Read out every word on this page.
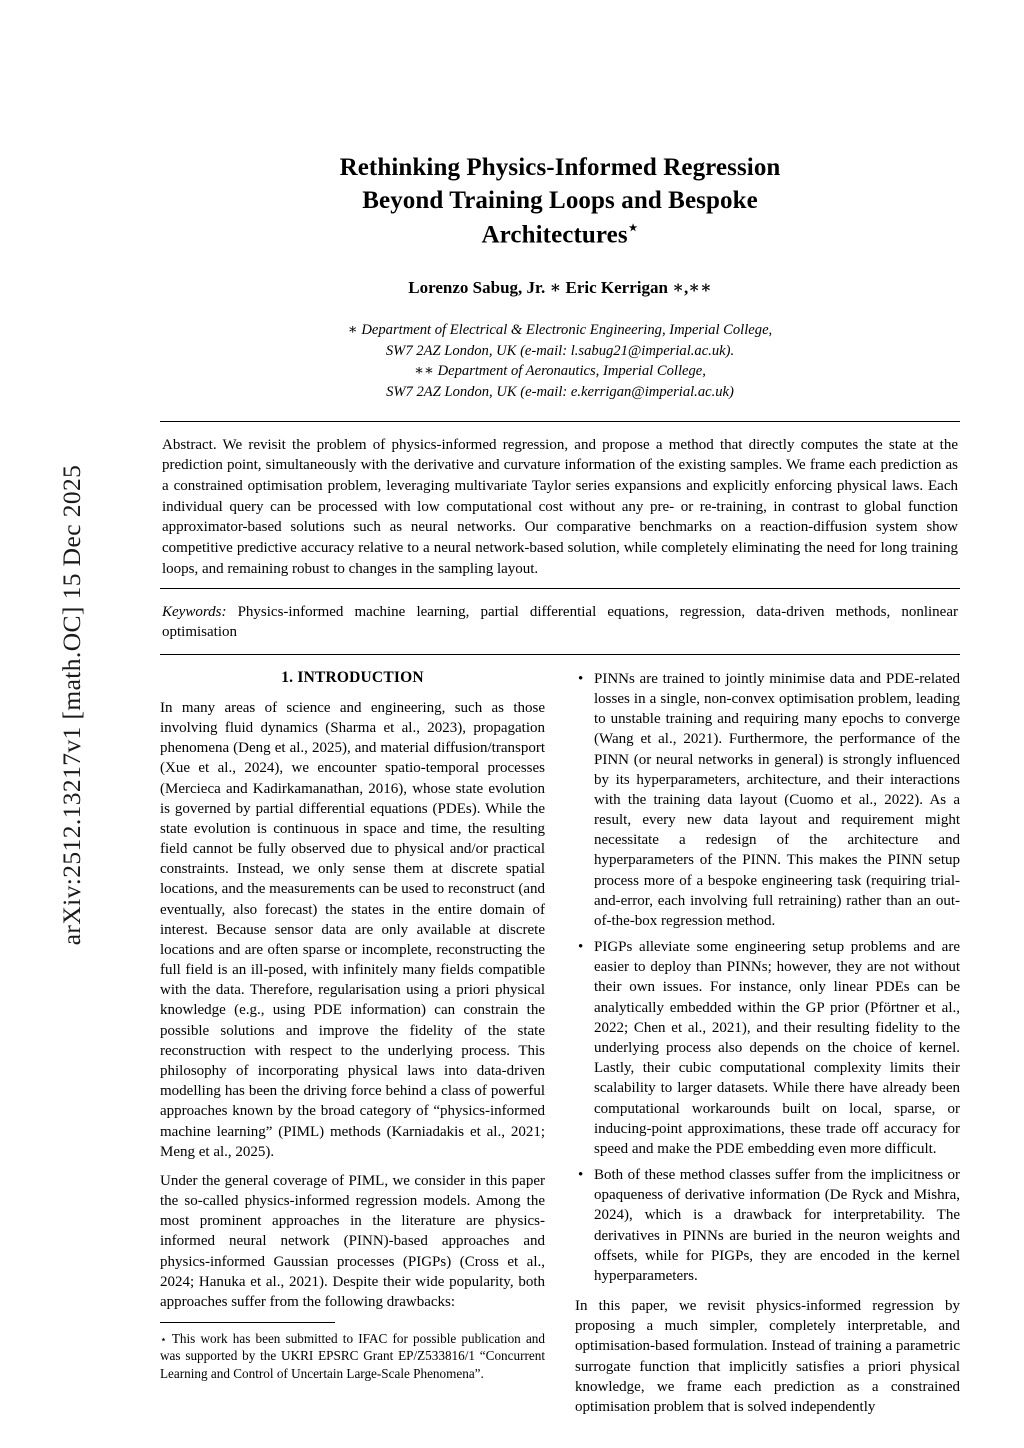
arXiv:2512.13217v1 [math.OC] 15 Dec 2025
Rethinking Physics-Informed Regression
Beyond Training Loops and Bespoke
Architectures⋆
Lorenzo Sabug, Jr. ∗ Eric Kerrigan ∗,∗∗
∗ Department of Electrical & Electronic Engineering, Imperial College,
SW7 2AZ London, UK (e-mail: l.sabug21@imperial.ac.uk).
∗∗ Department of Aeronautics, Imperial College,
SW7 2AZ London, UK (e-mail: e.kerrigan@imperial.ac.uk)
Abstract. We revisit the problem of physics-informed regression, and propose a method that directly computes the state at the prediction point, simultaneously with the derivative and curvature information of the existing samples. We frame each prediction as a constrained optimisation problem, leveraging multivariate Taylor series expansions and explicitly enforcing physical laws. Each individual query can be processed with low computational cost without any pre- or re-training, in contrast to global function approximator-based solutions such as neural networks. Our comparative benchmarks on a reaction-diffusion system show competitive predictive accuracy relative to a neural network-based solution, while completely eliminating the need for long training loops, and remaining robust to changes in the sampling layout.
Keywords: Physics-informed machine learning, partial differential equations, regression, data-driven methods, nonlinear optimisation
1. INTRODUCTION

In many areas of science and engineering, such as those involving fluid dynamics (Sharma et al., 2023), propagation phenomena (Deng et al., 2025), and material diffusion/transport (Xue et al., 2024), we encounter spatio-temporal processes (Mercieca and Kadirkamanathan, 2016), whose state evolution is governed by partial differential equations (PDEs). While the state evolution is continuous in space and time, the resulting field cannot be fully observed due to physical and/or practical constraints. Instead, we only sense them at discrete spatial locations, and the measurements can be used to reconstruct (and eventually, also forecast) the states in the entire domain of interest. Because sensor data are only available at discrete locations and are often sparse or incomplete, reconstructing the full field is an ill-posed, with infinitely many fields compatible with the data. Therefore, regularisation using a priori physical knowledge (e.g., using PDE information) can constrain the possible solutions and improve the fidelity of the state reconstruction with respect to the underlying process. This philosophy of incorporating physical laws into data-driven modelling has been the driving force behind a class of powerful approaches known by the broad category of “physics-informed machine learning” (PIML) methods (Karniadakis et al., 2021; Meng et al., 2025).

Under the general coverage of PIML, we consider in this paper the so-called physics-informed regression models. Among the most prominent approaches in the literature are physics-informed neural network (PINN)-based approaches and physics-informed Gaussian processes (PIGPs) (Cross et al., 2024; Hanuka et al., 2021). Despite their wide popularity, both approaches suffer from the following drawbacks:

⋆ This work has been submitted to IFAC for possible publication and was supported by the UKRI EPSRC Grant EP/Z533816/1 “Concurrent Learning and Control of Uncertain Large-Scale Phenomena”.
• PINNs are trained to jointly minimise data and PDE-related losses in a single, non-convex optimisation problem, leading to unstable training and requiring many epochs to converge (Wang et al., 2021). Furthermore, the performance of the PINN (or neural networks in general) is strongly influenced by its hyperparameters, architecture, and their interactions with the training data layout (Cuomo et al., 2022). As a result, every new data layout and requirement might necessitate a redesign of the architecture and hyperparameters of the PINN. This makes the PINN setup process more of a bespoke engineering task (requiring trial-and-error, each involving full retraining) rather than an out-of-the-box regression method.
• PIGPs alleviate some engineering setup problems and are easier to deploy than PINNs; however, they are not without their own issues. For instance, only linear PDEs can be analytically embedded within the GP prior (Pförtner et al., 2022; Chen et al., 2021), and their resulting fidelity to the underlying process also depends on the choice of kernel. Lastly, their cubic computational complexity limits their scalability to larger datasets. While there have already been computational workarounds built on local, sparse, or inducing-point approximations, these trade off accuracy for speed and make the PDE embedding even more difficult.
• Both of these method classes suffer from the implicitness or opaqueness of derivative information (De Ryck and Mishra, 2024), which is a drawback for interpretability. The derivatives in PINNs are buried in the neuron weights and offsets, while for PIGPs, they are encoded in the kernel hyperparameters.

In this paper, we revisit physics-informed regression by proposing a much simpler, completely interpretable, and optimisation-based formulation. Instead of training a parametric surrogate function that implicitly satisfies a priori physical knowledge, we frame each prediction as a constrained optimisation problem that is solved independently
